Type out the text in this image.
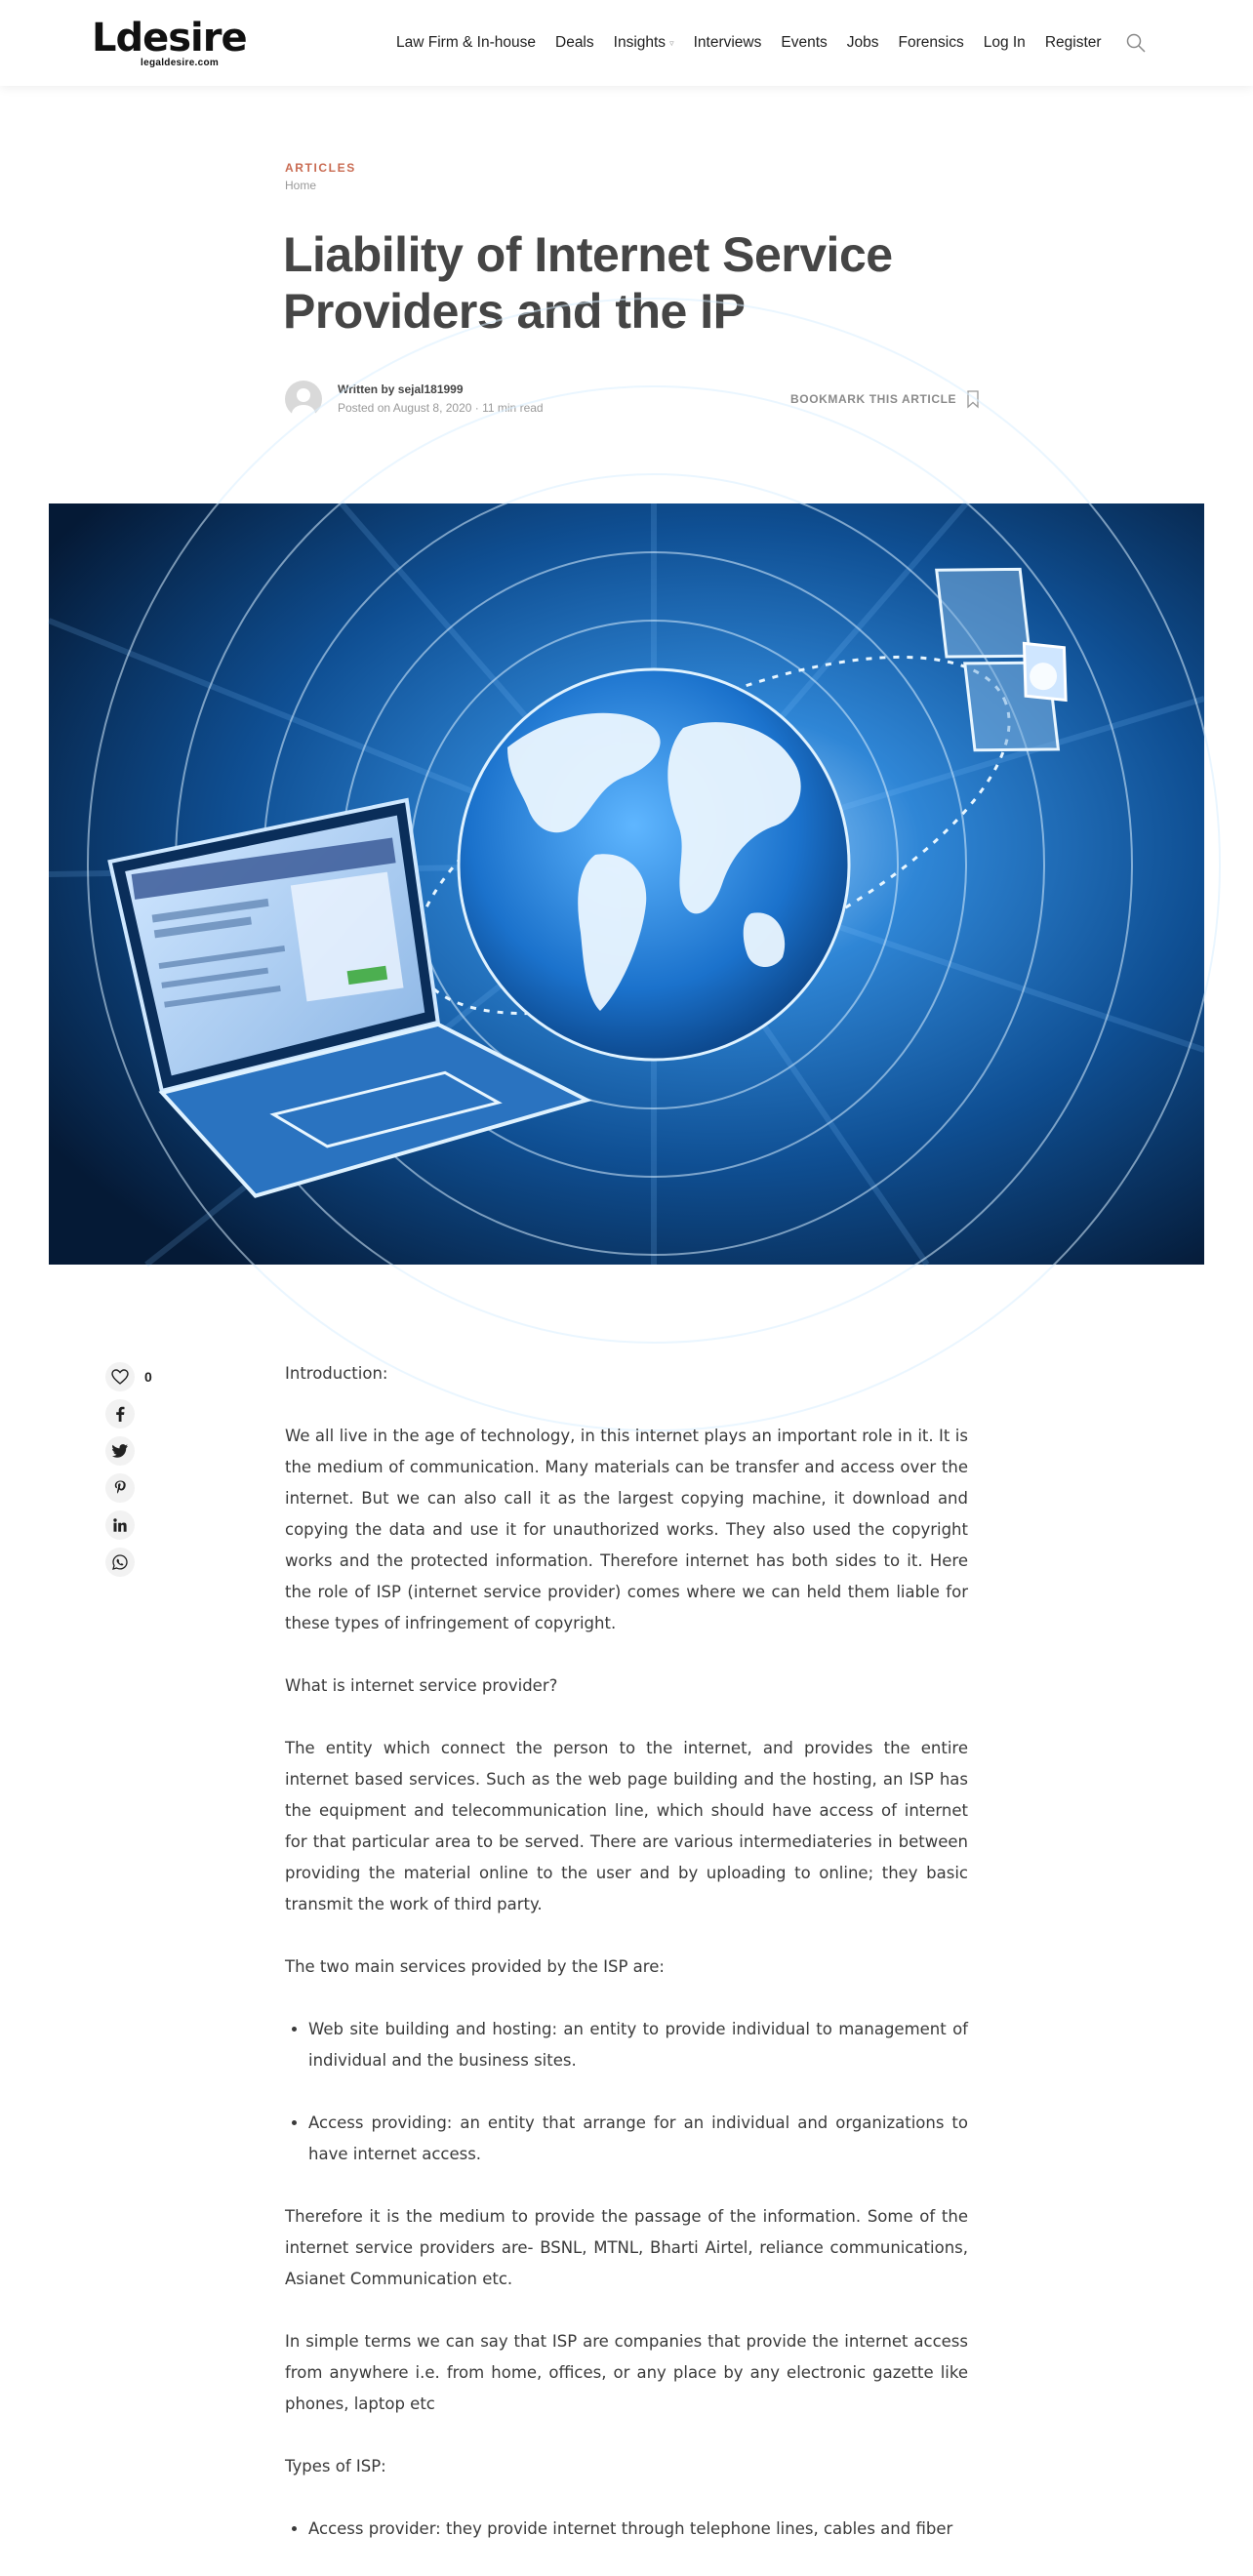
Ldesire
legaldesire.com
Law Firm & In-house Deals Insights ▿ Interviews Events Jobs Forensics Log In Register
ARTICLES
Home
Liability of Internet Service Providers and the IP
Written by sejal181999
Posted on August 8, 2020 · 11 min read
BOOKMARK THIS ARTICLE
0	Introduction:

We all live in the age of technology, in this internet plays an important role in it. It is the medium of communication. Many materials can be transfer and access over the internet. But we can also call it as the largest copying machine, it download and copying the data and use it for unauthorized works. They also used the copyright works and the protected information. Therefore internet has both sides to it. Here the role of ISP (internet service provider) comes where we can held them liable for these types of infringement of copyright.

What is internet service provider?

The entity which connect the person to the internet, and provides the entire internet based services. Such as the web page building and the hosting, an ISP has the equipment and telecommunication line, which should have access of internet for that particular area to be served. There are various intermediateries in between providing the material online to the user and by uploading to online; they basic transmit the work of third party.

The two main services provided by the ISP are:

• Web site building and hosting: an entity to provide individual to management of individual and the business sites.
• Access providing: an entity that arrange for an individual and organizations to have internet access.

Therefore it is the medium to provide the passage of the information. Some of the internet service providers are- BSNL, MTNL, Bharti Airtel, reliance communications, Asianet Communication etc.

In simple terms we can say that ISP are companies that provide the internet access from anywhere i.e. from home, offices, or any place by any electronic gazette like phones, laptop etc

Types of ISP:

• Access provider: they provide internet through telephone lines, cables and fiber
